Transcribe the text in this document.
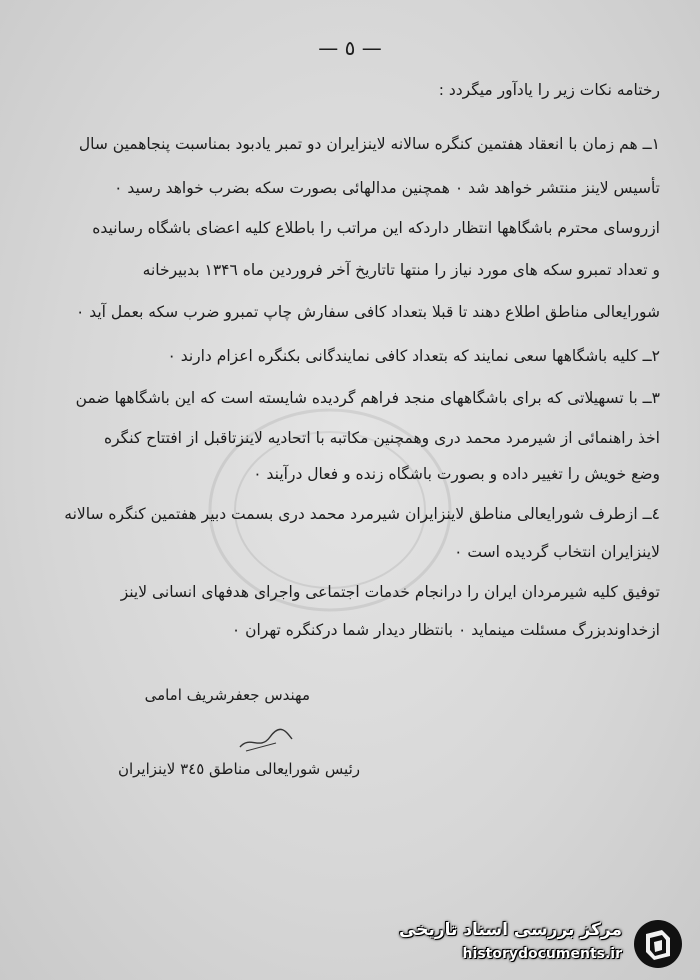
— ٥ —
رختامه نکات زیر را یادآور میگردد :
۱ــ هم زمان با انعقاد هفتمین کنگره سالانه لاینزایران دو تمبر یادبود بمناسبت پنجاهمین سال
تأسیس لاینز منتشر خواهد شد ٠ همچنین مدالهائی بصورت سکه بضرب خواهد رسید ٠
ازروسای محترم باشگاهها انتظار داردکه این مراتب را باطلاع کلیه اعضای باشگاه رسانیده
و تعداد تمبرو سکه های مورد نیاز را منتها تاتاریخ آخر فروردین ماه ۱۳۴٦ بدبیرخانه
شورایعالی مناطق اطلاع دهند تا قبلا بتعداد کافی سفارش چاپ تمبرو ضرب سکه بعمل آید ٠
۲ــ کلیه باشگاهها سعی نمایند که بتعداد کافی نمایندگانی بکنگره اعزام دارند ٠
۳ــ با تسهیلاتی که برای باشگاههای منجد فراهم گردیده شایسته است که این باشگاهها ضمن
اخذ راهنمائی از شیرمرد محمد دری وهمچنین مکاتبه با اتحادیه لاینزتاقبل از افتتاح کنگره
وضع خویش را تغییر داده و بصورت باشگاه زنده و فعال درآیند ٠
٤ــ ازطرف شورایعالی مناطق لاینزایران شیرمرد محمد دری بسمت دبیر هفتمین کنگره سالانه
لاینزایران انتخاب گردیده است ٠
توفیق کلیه شیرمردان ایران را درانجام خدمات اجتماعی واجرای هدفهای انسانی لاینز
ازخداوندبزرگ مسئلت مینماید ٠ بانتظار دیدار شما درکنگره تهران ٠
مهندس جعفرشریف امامی
رئیس شورایعالی مناطق ۳٤٥ لاینزایران
مرکز بررسی اسناد تاریخی
historydocuments.ir
